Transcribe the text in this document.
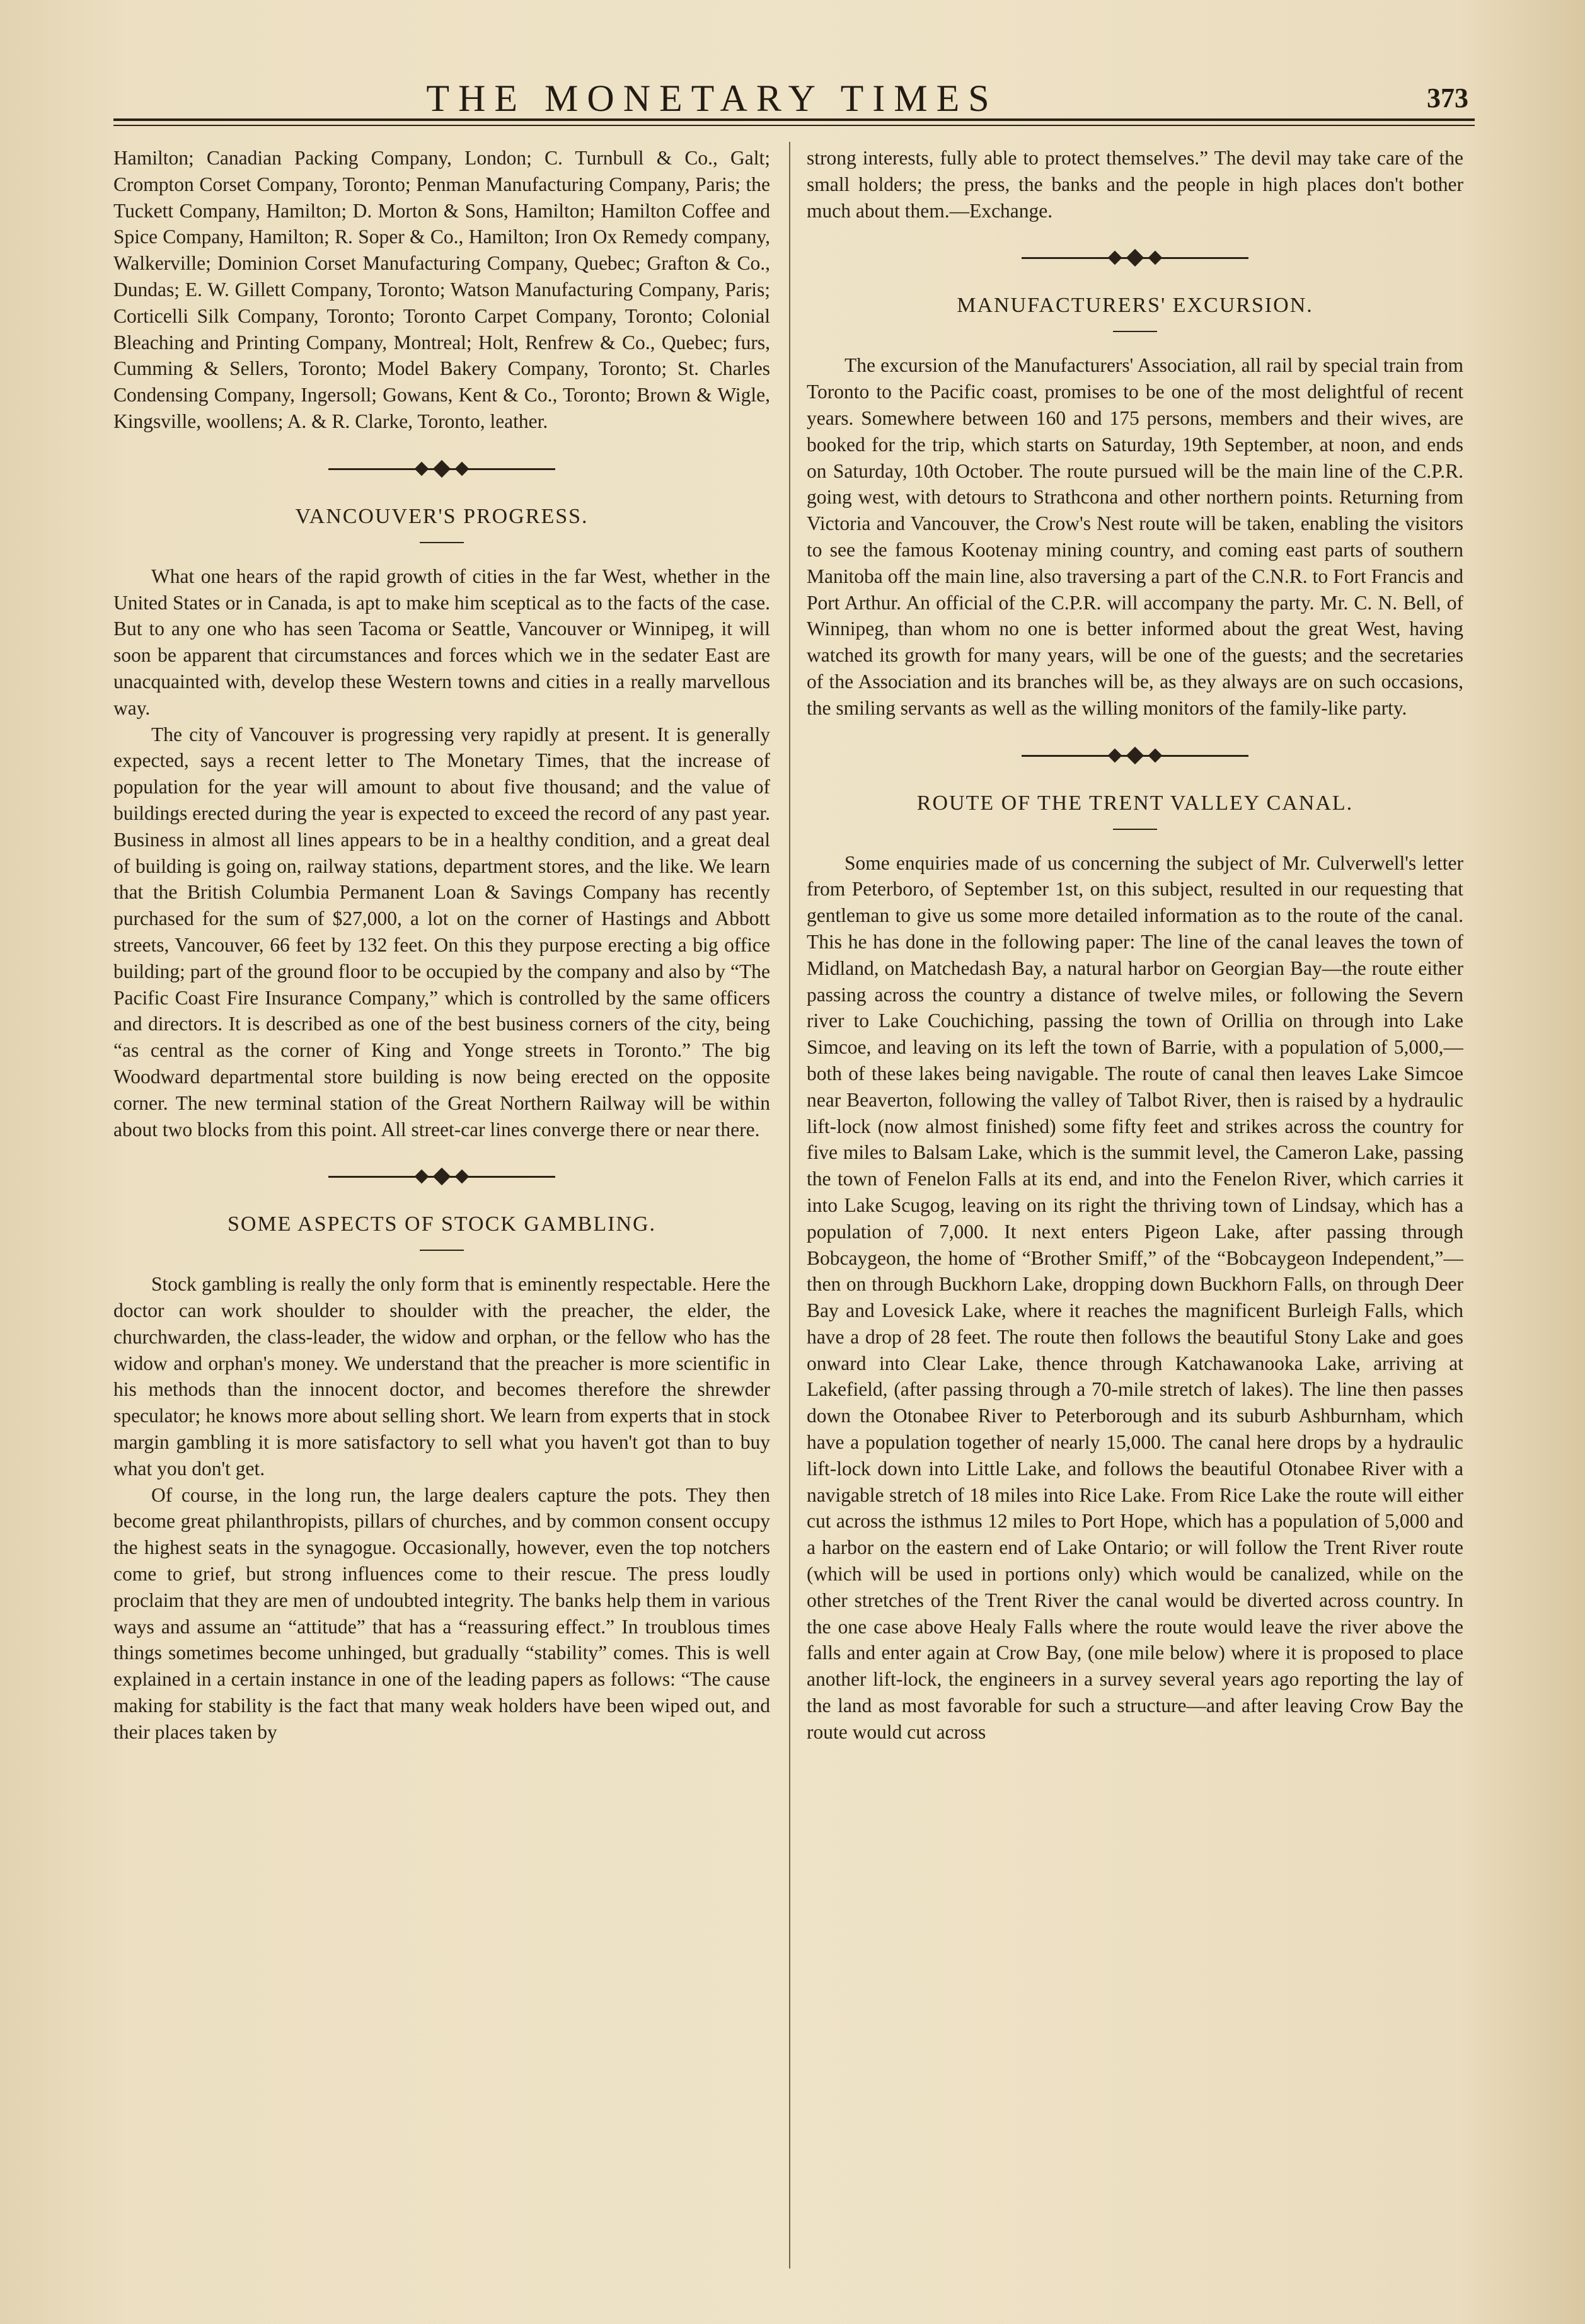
THE MONETARY TIMES	373

Hamilton; Canadian Packing Company, London; C. Turnbull & Co., Galt; Crompton Corset Company, Toronto; Penman Manufacturing Company, Paris; the Tuckett Company, Hamilton; D. Morton & Sons, Hamilton; Hamilton Coffee and Spice Company, Hamilton; R. Soper & Co., Hamilton; Iron Ox Remedy company, Walkerville; Dominion Corset Manufacturing Company, Quebec; Grafton & Co., Dundas; E. W. Gillett Company, Toronto; Watson Manufacturing Company, Paris; Corticelli Silk Company, Toronto; Toronto Carpet Company, Toronto; Colonial Bleaching and Printing Company, Montreal; Holt, Renfrew & Co., Quebec; furs, Cumming & Sellers, Toronto; Model Bakery Company, Toronto; St. Charles Condensing Company, Ingersoll; Gowans, Kent & Co., Toronto; Brown & Wigle, Kingsville, woollens; A. & R. Clarke, Toronto, leather.

VANCOUVER'S PROGRESS.

What one hears of the rapid growth of cities in the far West, whether in the United States or in Canada, is apt to make him sceptical as to the facts of the case. But to any one who has seen Tacoma or Seattle, Vancouver or Winnipeg, it will soon be apparent that circumstances and forces which we in the sedater East are unacquainted with, develop these Western towns and cities in a really marvellous way.

The city of Vancouver is progressing very rapidly at present. It is generally expected, says a recent letter to The Monetary Times, that the increase of population for the year will amount to about five thousand; and the value of buildings erected during the year is expected to exceed the record of any past year. Business in almost all lines appears to be in a healthy condition, and a great deal of building is going on, railway stations, department stores, and the like. We learn that the British Columbia Permanent Loan & Savings Company has recently purchased for the sum of $27,000, a lot on the corner of Hastings and Abbott streets, Vancouver, 66 feet by 132 feet. On this they purpose erecting a big office building; part of the ground floor to be occupied by the company and also by “The Pacific Coast Fire Insurance Company,” which is controlled by the same officers and directors. It is described as one of the best business corners of the city, being “as central as the corner of King and Yonge streets in Toronto.” The big Woodward departmental store building is now being erected on the opposite corner. The new terminal station of the Great Northern Railway will be within about two blocks from this point. All street-car lines converge there or near there.

SOME ASPECTS OF STOCK GAMBLING.

Stock gambling is really the only form that is eminently respectable. Here the doctor can work shoulder to shoulder with the preacher, the elder, the churchwarden, the class-leader, the widow and orphan, or the fellow who has the widow and orphan's money. We understand that the preacher is more scientific in his methods than the innocent doctor, and becomes therefore the shrewder speculator; he knows more about selling short. We learn from experts that in stock margin gambling it is more satisfactory to sell what you haven't got than to buy what you don't get.

Of course, in the long run, the large dealers capture the pots. They then become great philanthropists, pillars of churches, and by common consent occupy the highest seats in the synagogue. Occasionally, however, even the top notchers come to grief, but strong influences come to their rescue. The press loudly proclaim that they are men of undoubted integrity. The banks help them in various ways and assume an “attitude” that has a “reassuring effect.” In troublous times things sometimes become unhinged, but gradually “stability” comes. This is well explained in a certain instance in one of the leading papers as follows: “The cause making for stability is the fact that many weak holders have been wiped out, and their places taken by

strong interests, fully able to protect themselves.” The devil may take care of the small holders; the press, the banks and the people in high places don't bother much about them.—Exchange.

MANUFACTURERS' EXCURSION.

The excursion of the Manufacturers' Association, all rail by special train from Toronto to the Pacific coast, promises to be one of the most delightful of recent years. Somewhere between 160 and 175 persons, members and their wives, are booked for the trip, which starts on Saturday, 19th September, at noon, and ends on Saturday, 10th October. The route pursued will be the main line of the C.P.R. going west, with detours to Strathcona and other northern points. Returning from Victoria and Vancouver, the Crow's Nest route will be taken, enabling the visitors to see the famous Kootenay mining country, and coming east parts of southern Manitoba off the main line, also traversing a part of the C.N.R. to Fort Francis and Port Arthur. An official of the C.P.R. will accompany the party. Mr. C. N. Bell, of Winnipeg, than whom no one is better informed about the great West, having watched its growth for many years, will be one of the guests; and the secretaries of the Association and its branches will be, as they always are on such occasions, the smiling servants as well as the willing monitors of the family-like party.

ROUTE OF THE TRENT VALLEY CANAL.

Some enquiries made of us concerning the subject of Mr. Culverwell's letter from Peterboro, of September 1st, on this subject, resulted in our requesting that gentleman to give us some more detailed information as to the route of the canal. This he has done in the following paper: The line of the canal leaves the town of Midland, on Matchedash Bay, a natural harbor on Georgian Bay—the route either passing across the country a distance of twelve miles, or following the Severn river to Lake Couchiching, passing the town of Orillia on through into Lake Simcoe, and leaving on its left the town of Barrie, with a population of 5,000,—both of these lakes being navigable. The route of canal then leaves Lake Simcoe near Beaverton, following the valley of Talbot River, then is raised by a hydraulic lift-lock (now almost finished) some fifty feet and strikes across the country for five miles to Balsam Lake, which is the summit level, the Cameron Lake, passing the town of Fenelon Falls at its end, and into the Fenelon River, which carries it into Lake Scugog, leaving on its right the thriving town of Lindsay, which has a population of 7,000. It next enters Pigeon Lake, after passing through Bobcaygeon, the home of “Brother Smiff,” of the “Bobcaygeon Independent,”—then on through Buckhorn Lake, dropping down Buckhorn Falls, on through Deer Bay and Lovesick Lake, where it reaches the magnificent Burleigh Falls, which have a drop of 28 feet. The route then follows the beautiful Stony Lake and goes onward into Clear Lake, thence through Katchawanooka Lake, arriving at Lakefield, (after passing through a 70-mile stretch of lakes). The line then passes down the Otonabee River to Peterborough and its suburb Ashburnham, which have a population together of nearly 15,000. The canal here drops by a hydraulic lift-lock down into Little Lake, and follows the beautiful Otonabee River with a navigable stretch of 18 miles into Rice Lake. From Rice Lake the route will either cut across the isthmus 12 miles to Port Hope, which has a population of 5,000 and a harbor on the eastern end of Lake Ontario; or will follow the Trent River route (which will be used in portions only) which would be canalized, while on the other stretches of the Trent River the canal would be diverted across country. In the one case above Healy Falls where the route would leave the river above the falls and enter again at Crow Bay, (one mile below) where it is proposed to place another lift-lock, the engineers in a survey several years ago reporting the lay of the land as most favorable for such a structure—and after leaving Crow Bay the route would cut across
